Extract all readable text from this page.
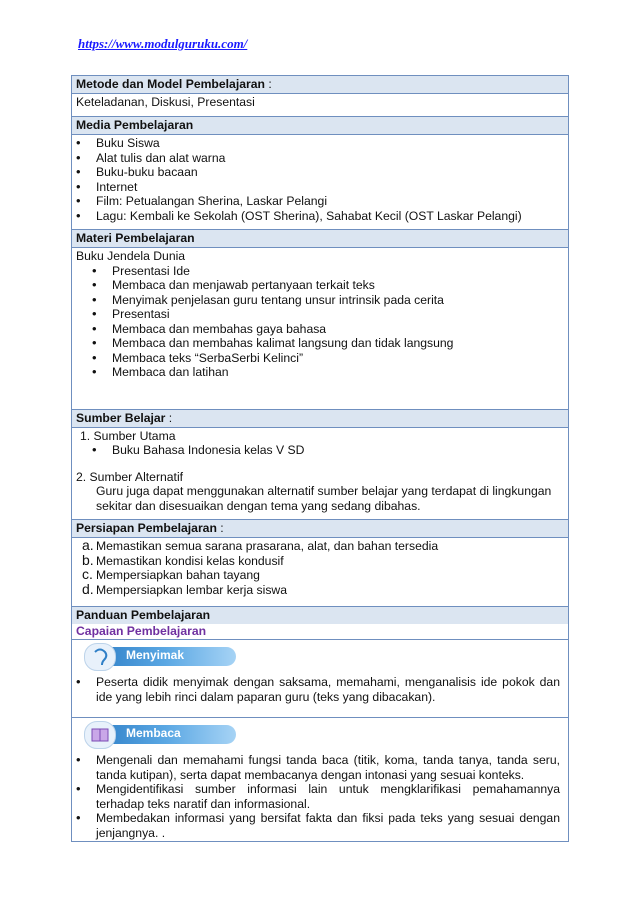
https://www.modulguruku.com/
Metode dan Model Pembelajaran :
Keteladanan, Diskusi, Presentasi
Media Pembelajaran
• Buku Siswa
• Alat tulis dan alat warna
• Buku-buku bacaan
• Internet
• Film: Petualangan Sherina, Laskar Pelangi
• Lagu: Kembali ke Sekolah (OST Sherina), Sahabat Kecil (OST Laskar Pelangi)
Materi Pembelajaran
Buku Jendela Dunia
• Presentasi Ide
• Membaca dan menjawab pertanyaan terkait teks
• Menyimak penjelasan guru tentang unsur intrinsik pada cerita
• Presentasi
• Membaca dan membahas gaya bahasa
• Membaca dan membahas kalimat langsung dan tidak langsung
• Membaca teks “SerbaSerbi Kelinci”
• Membaca dan latihan
Sumber Belajar :
1. Sumber Utama
• Buku Bahasa Indonesia kelas V SD
2. Sumber Alternatif
Guru juga dapat menggunakan alternatif sumber belajar yang terdapat di lingkungan sekitar dan disesuaikan dengan tema yang sedang dibahas.
Persiapan Pembelajaran :
a. Memastikan semua sarana prasarana, alat, dan bahan tersedia
b. Memastikan kondisi kelas kondusif
c. Mempersiapkan bahan tayang
d. Mempersiapkan lembar kerja siswa
Panduan Pembelajaran
Capaian Pembelajaran
Menyimak
• Peserta didik menyimak dengan saksama, memahami, menganalisis ide pokok dan ide yang lebih rinci dalam paparan guru (teks yang dibacakan).
Membaca
• Mengenali dan memahami fungsi tanda baca (titik, koma, tanda tanya, tanda seru, tanda kutipan), serta dapat membacanya dengan intonasi yang sesuai konteks.
• Mengidentifikasi sumber informasi lain untuk mengklarifikasi pemahamannya terhadap teks naratif dan informasional.
• Membedakan informasi yang bersifat fakta dan fiksi pada teks yang sesuai dengan jenjangnya. .
